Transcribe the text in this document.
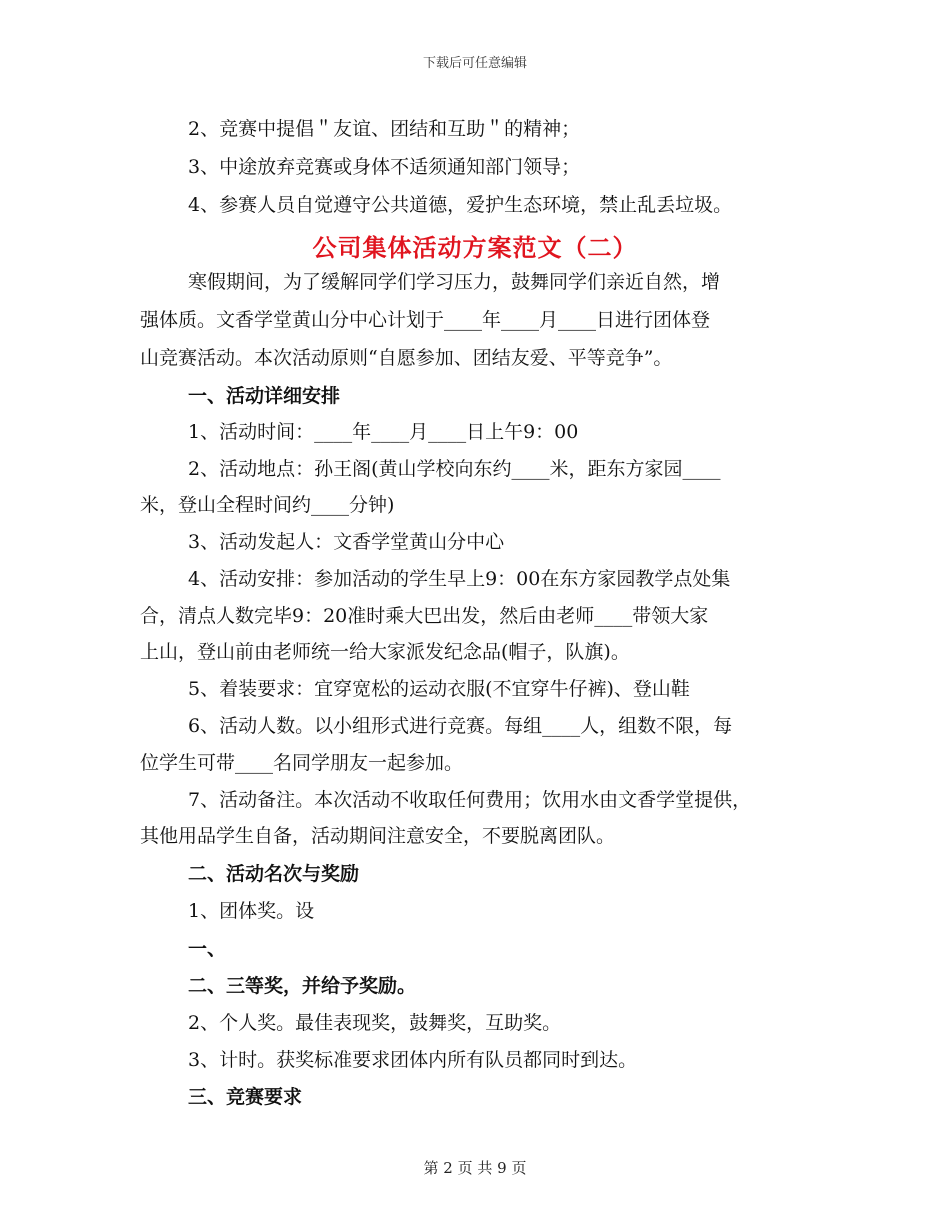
下载后可任意编辑
公司集体活动方案范文（二）
2、竞赛中提倡＂友谊、团结和互助＂的精神；
3、中途放弃竞赛或身体不适须通知部门领导；
4、参赛人员自觉遵守公共道德，爱护生态环境，禁止乱丢垃圾。
寒假期间，为了缓解同学们学习压力，鼓舞同学们亲近自然，增
强体质。文香学堂黄山分中心计划于____年____月____日进行团体登
山竞赛活动。本次活动原则“自愿参加、团结友爱、平等竞争”。
一、活动详细安排
1、活动时间：____年____月____日上午9：00
2、活动地点：孙王阁(黄山学校向东约____米，距东方家园____
米，登山全程时间约____分钟)
3、活动发起人：文香学堂黄山分中心
4、活动安排：参加活动的学生早上9：00在东方家园教学点处集
合，清点人数完毕9：20准时乘大巴出发，然后由老师____带领大家
上山，登山前由老师统一给大家派发纪念品(帽子，队旗)。
5、着装要求：宜穿宽松的运动衣服(不宜穿牛仔裤)、登山鞋
6、活动人数。以小组形式进行竞赛。每组____人，组数不限，每
位学生可带____名同学朋友一起参加。
7、活动备注。本次活动不收取任何费用；饮用水由文香学堂提供，
其他用品学生自备，活动期间注意安全，不要脱离团队。
二、活动名次与奖励
1、团体奖。设
一、
二、三等奖，并给予奖励。
2、个人奖。最佳表现奖，鼓舞奖，互助奖。
3、计时。获奖标准要求团体内所有队员都同时到达。
三、竞赛要求
第 2 页 共 9 页
